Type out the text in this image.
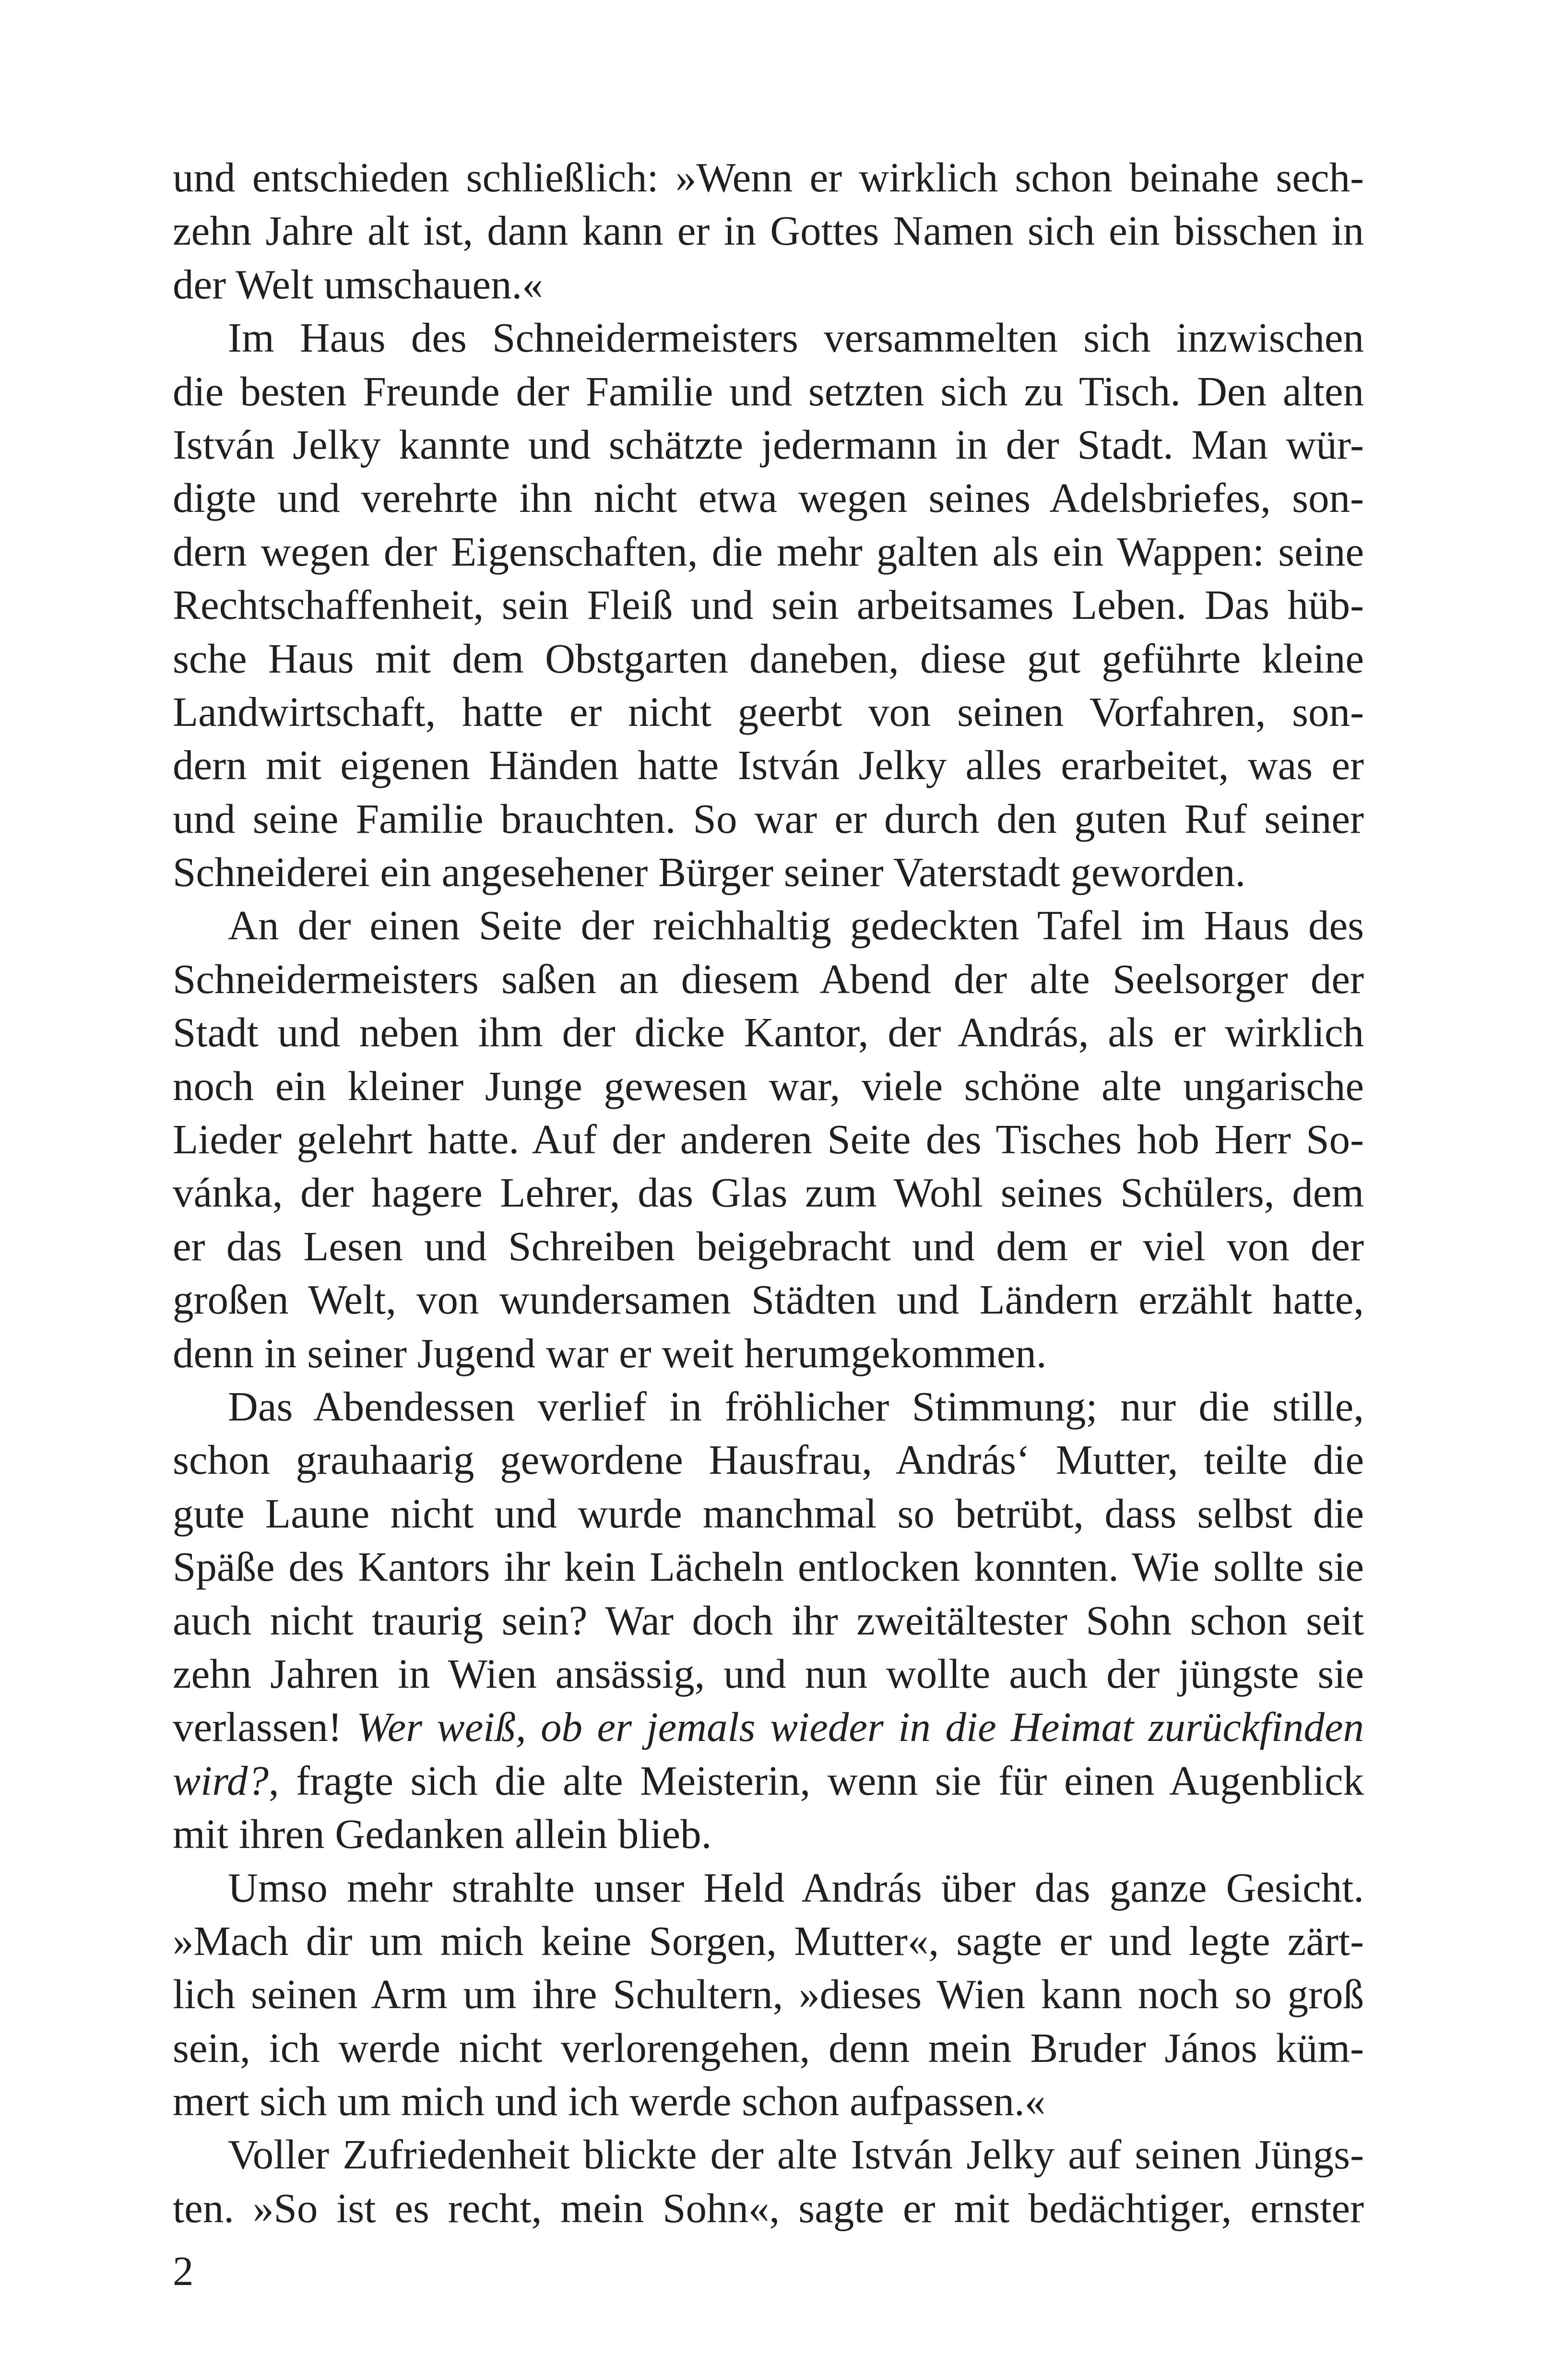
und entschieden schließlich: »Wenn er wirklich schon beinahe sech-
zehn Jahre alt ist, dann kann er in Gottes Namen sich ein bisschen in
der Welt umschauen.«
Im Haus des Schneidermeisters versammelten sich inzwischen
die besten Freunde der Familie und setzten sich zu Tisch. Den alten
István Jelky kannte und schätzte jedermann in der Stadt. Man wür-
digte und verehrte ihn nicht etwa wegen seines Adelsbriefes, son-
dern wegen der Eigenschaften, die mehr galten als ein Wappen: seine
Rechtschaffenheit, sein Fleiß und sein arbeitsames Leben. Das hüb-
sche Haus mit dem Obstgarten daneben, diese gut geführte kleine
Landwirtschaft, hatte er nicht geerbt von seinen Vorfahren, son-
dern mit eigenen Händen hatte István Jelky alles erarbeitet, was er
und seine Familie brauchten. So war er durch den guten Ruf seiner
Schneiderei ein angesehener Bürger seiner Vaterstadt geworden.
An der einen Seite der reichhaltig gedeckten Tafel im Haus des
Schneidermeisters saßen an diesem Abend der alte Seelsorger der
Stadt und neben ihm der dicke Kantor, der András, als er wirklich
noch ein kleiner Junge gewesen war, viele schöne alte ungarische
Lieder gelehrt hatte. Auf der anderen Seite des Tisches hob Herr So-
vánka, der hagere Lehrer, das Glas zum Wohl seines Schülers, dem
er das Lesen und Schreiben beigebracht und dem er viel von der
großen Welt, von wundersamen Städten und Ländern erzählt hatte,
denn in seiner Jugend war er weit herumgekommen.
Das Abendessen verlief in fröhlicher Stimmung; nur die stille,
schon grauhaarig gewordene Hausfrau, András‘ Mutter, teilte die
gute Laune nicht und wurde manchmal so betrübt, dass selbst die
Späße des Kantors ihr kein Lächeln entlocken konnten. Wie sollte sie
auch nicht traurig sein? War doch ihr zweitältester Sohn schon seit
zehn Jahren in Wien ansässig, und nun wollte auch der jüngste sie
verlassen! Wer weiß, ob er jemals wieder in die Heimat zurückfinden
wird?, fragte sich die alte Meisterin, wenn sie für einen Augenblick
mit ihren Gedanken allein blieb.
Umso mehr strahlte unser Held András über das ganze Gesicht.
»Mach dir um mich keine Sorgen, Mutter«, sagte er und legte zärt-
lich seinen Arm um ihre Schultern, »dieses Wien kann noch so groß
sein, ich werde nicht verlorengehen, denn mein Bruder János küm-
mert sich um mich und ich werde schon aufpassen.«
Voller Zufriedenheit blickte der alte István Jelky auf seinen Jüngs-
ten. »So ist es recht, mein Sohn«, sagte er mit bedächtiger, ernster
2
